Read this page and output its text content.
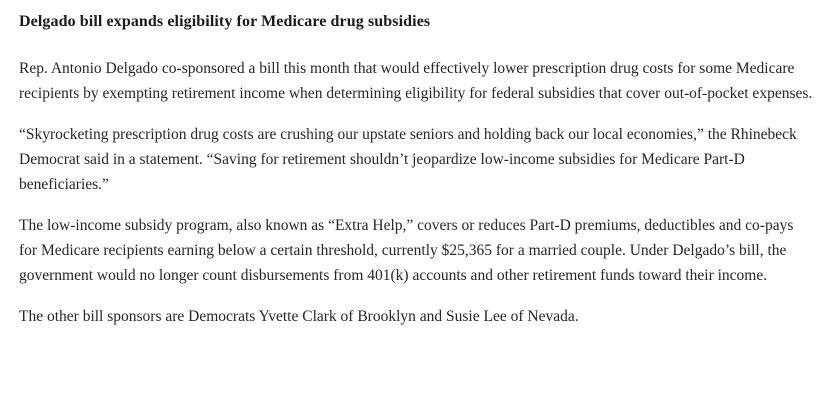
Delgado bill expands eligibility for Medicare drug subsidies

Rep. Antonio Delgado co-sponsored a bill this month that would effectively lower prescription drug costs for some Medicare recipients by exempting retirement income when determining eligibility for federal subsidies that cover out-of-pocket expenses.

“Skyrocketing prescription drug costs are crushing our upstate seniors and holding back our local economies,” the Rhinebeck Democrat said in a statement. “Saving for retirement shouldn’t jeopardize low-income subsidies for Medicare Part-D beneficiaries.”

The low-income subsidy program, also known as “Extra Help,” covers or reduces Part-D premiums, deductibles and co-pays for Medicare recipients earning below a certain threshold, currently $25,365 for a married couple. Under Delgado’s bill, the government would no longer count disbursements from 401(k) accounts and other retirement funds toward their income.

The other bill sponsors are Democrats Yvette Clark of Brooklyn and Susie Lee of Nevada.
